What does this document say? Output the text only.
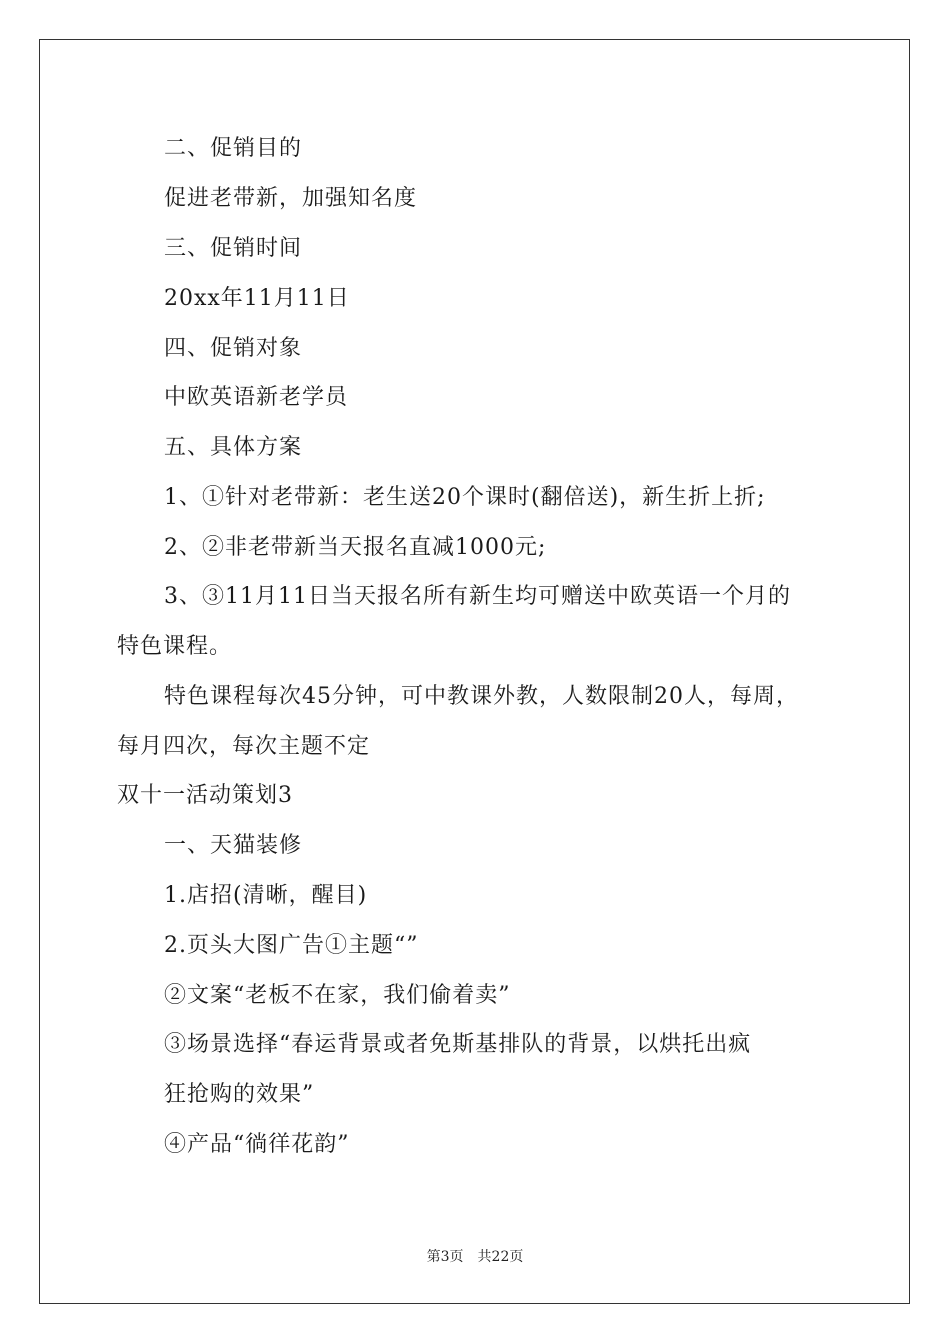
二、促销目的
促进老带新，加强知名度
三、促销时间
20xx年11月11日
四、促销对象
中欧英语新老学员
五、具体方案
1、①针对老带新：老生送20个课时(翻倍送)，新生折上折;
2、②非老带新当天报名直减1000元;
3、③11月11日当天报名所有新生均可赠送中欧英语一个月的
特色课程。
特色课程每次45分钟，可中教课外教，人数限制20人，每周，
每月四次，每次主题不定
双十一活动策划3
一、天猫装修
1.店招(清晰，醒目)
2.页头大图广告①主题“”
②文案“老板不在家，我们偷着卖”
③场景选择“春运背景或者免斯基排队的背景，以烘托出疯
狂抢购的效果”
④产品“徜徉花韵”
第3页 共22页
